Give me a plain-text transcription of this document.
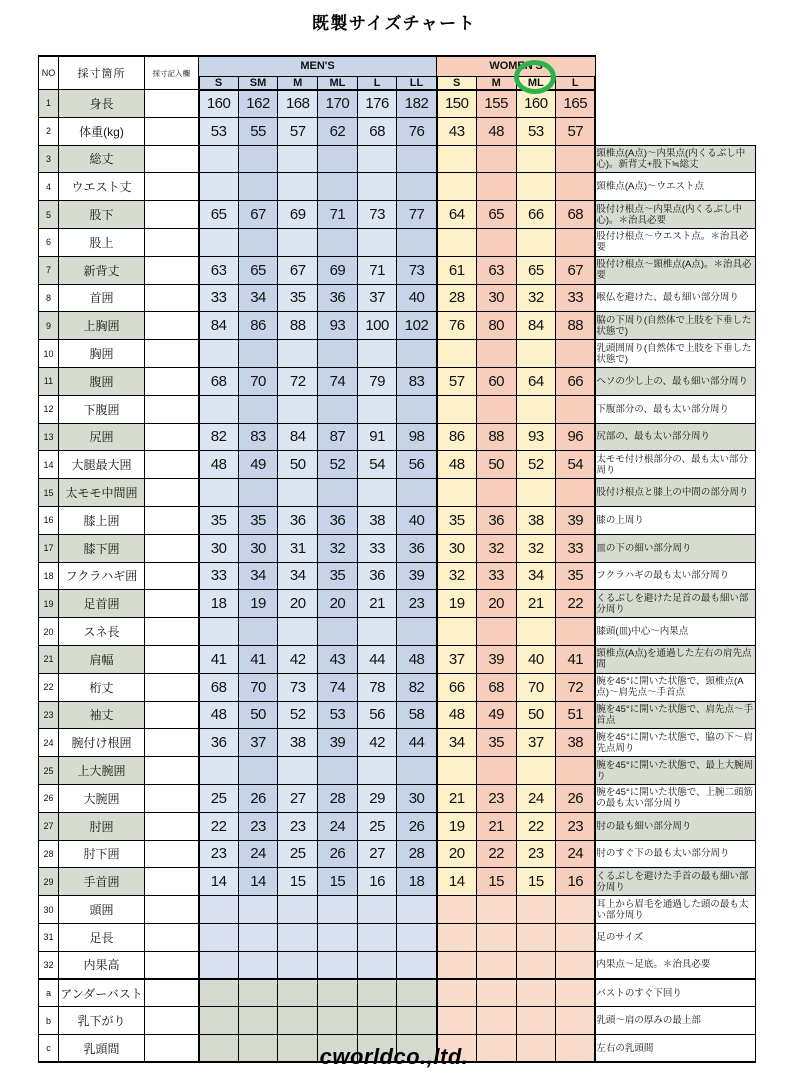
既製サイズチャート
NO	採寸箇所	採寸記入欄	MEN'S						WOMEN'S				
			S	SM	M	ML	L	LL	S	M	ML	L	
1	身長		160	162	168	170	176	182	150	155	160	165	
2	体重(kg)		53	55	57	62	68	76	43	48	53	57	
3	総丈												頸椎点(A点)〜内果点(内くるぶし中心)。新背丈+股下≒総丈
4	ウエスト丈												頸椎点(A点)〜ウエスト点
5	股下		65	67	69	71	73	77	64	65	66	68	股付け根点〜内果点(内くるぶし中心)。＊治具必要
6	股上												股付け根点〜ウエスト点。＊治具必要
7	新背丈		63	65	67	69	71	73	61	63	65	67	股付け根点〜頸椎点(A点)。＊治具必要
8	首囲		33	34	35	36	37	40	28	30	32	33	喉仏を避けた、最も細い部分周り
9	上胸囲		84	86	88	93	100	102	76	80	84	88	脇の下周り(自然体で上肢を下垂した状態で)
10	胸囲												乳頭囲周り(自然体で上肢を下垂した状態で)
11	腹囲		68	70	72	74	79	83	57	60	64	66	ヘソの少し上の、最も細い部分周り
12	下腹囲												下腹部分の、最も太い部分周り
13	尻囲		82	83	84	87	91	98	86	88	93	96	尻部の、最も太い部分周り
14	大腿最大囲		48	49	50	52	54	56	48	50	52	54	太モモ付け根部分の、最も太い部分周り
15	太モモ中間囲												股付け根点と膝上の中間の部分周り
16	膝上囲		35	35	36	36	38	40	35	36	38	39	膝の上周り
17	膝下囲		30	30	31	32	33	36	30	32	32	33	皿の下の細い部分周り
18	フクラハギ囲		33	34	34	35	36	39	32	33	34	35	フクラハギの最も太い部分周り
19	足首囲		18	19	20	20	21	23	19	20	21	22	くるぶしを避けた足首の最も細い部分周り
20	スネ長												膝頭(皿)中心〜内果点
21	肩幅		41	41	42	43	44	48	37	39	40	41	頸椎点(A点)を通過した左右の肩先点間
22	桁丈		68	70	73	74	78	82	66	68	70	72	腕を45°に開いた状態で、頸椎点(A点)〜肩先点〜手首点
23	袖丈		48	50	52	53	56	58	48	49	50	51	腕を45°に開いた状態で、肩先点〜手首点
24	腕付け根囲		36	37	38	39	42	44	34	35	37	38	腕を45°に開いた状態で、脇の下〜肩先点周り
25	上大腕囲												腕を45°に開いた状態で、最上大腕周り
26	大腕囲		25	26	27	28	29	30	21	23	24	26	腕を45°に開いた状態で、上腕二頭筋の最も太い部分周り
27	肘囲		22	23	23	24	25	26	19	21	22	23	肘の最も細い部分周り
28	肘下囲		23	24	25	26	27	28	20	22	23	24	肘のすぐ下の最も太い部分周り
29	手首囲		14	14	15	15	16	18	14	15	15	16	くるぶしを避けた手首の最も細い部分周り
30	頭囲												耳上から眉毛を通過した頭の最も太い部分周り
31	足長												足のサイズ
32	内果高												内果点〜足底。＊治具必要
a	アンダーバスト												バストのすぐ下回り
b	乳下がり												乳頭〜肩の厚みの最上部
c	乳頭間												左右の乳頭間
cworldco.,ltd.
